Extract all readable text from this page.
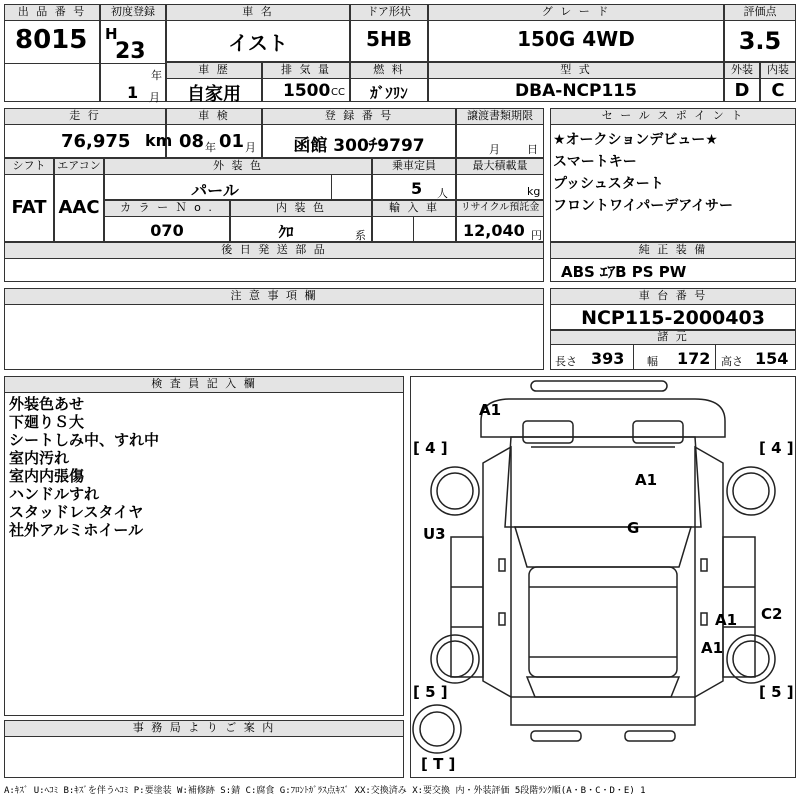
出 品 番 号
8015
初度登録
H
23
年
1 月
車 名
イスト
ドア形状
5HB
グ レ ー ド
150G 4WD
評価点
3.5
車 歴
自家用
排 気 量
1500 CC
燃 料
ｶﾞｿﾘﾝ
型 式
DBA-NCP115
外装
D
内装
C
走 行
76,975 km
車 検
08 年 01 月
登 録 番 号
函館 300ﾁ9797
譲渡書類期限
月 日
シフト
FAT
エアコン
AAC
外 装 色
パール
乗車定員
5 人
最大積載量
kg
カ ラ ー Ｎ o .
070
内 装 色
ｸﾛ	系
輸 入 車	リサイクル預託金
12,040 円
後 日 発 送 部 品
セ ー ル ス ポ イ ン ト
★オークションデビュー★
スマートキー
プッシュスタート
フロントワイパーデアイサー
純 正 装 備
ABS ｴｱB PS PW
注 意 事 項 欄	車 台 番 号
NCP115-2000403
諸 元
長さ 393 幅 172 高さ 154
検 査 員 記 入 欄
外装色あせ
下廻りＳ大
シートしみ中、すれ中
室内汚れ
室内内張傷
ハンドルすれ
スタッドレスタイヤ
社外アルミホイール
事 務 局 よ り ご 案 内
A1
A1
G
U3
A1 C2
A1
[ 4 ]	[ 4 ]
[ 5 ]	[ 5 ]
[ T ]
A:ｷｽﾞ U:ﾍｺﾐ B:ｷｽﾞを伴うﾍｺﾐ P:要塗装 W:補修跡 S:錆 C:腐食 G:ﾌﾛﾝﾄｶﾞﾗｽ点ｷｽﾞ XX:交換済み X:要交換 内・外装評価 5段階ﾗﾝｸ順(A・B・C・D・E) 1
